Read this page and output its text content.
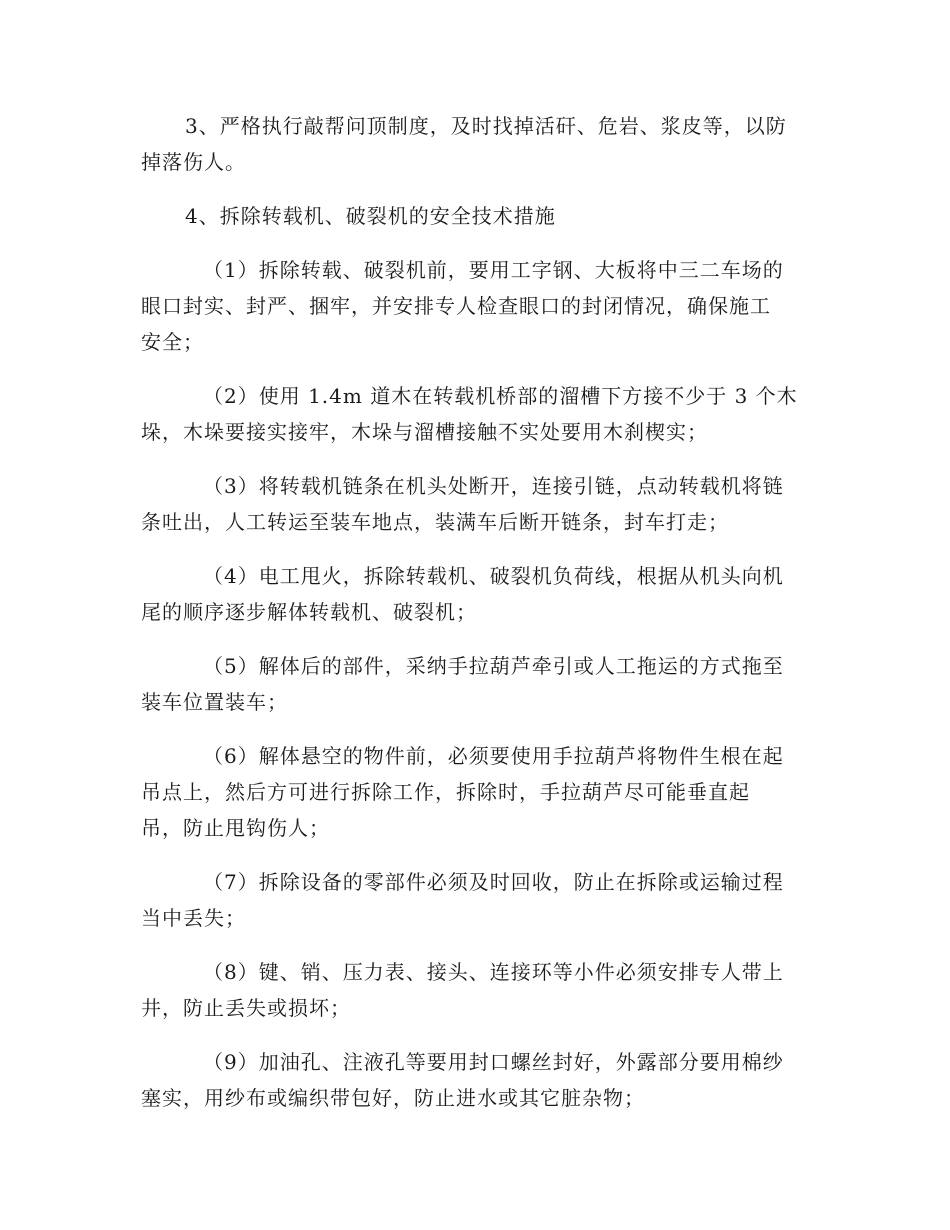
3、严格执行敲帮问顶制度，及时找掉活矸、危岩、浆皮等，以防
掉落伤人。
4、拆除转载机、破裂机的安全技术措施
（1）拆除转载、破裂机前，要用工字钢、大板将中三二车场的
眼口封实、封严、捆牢，并安排专人检查眼口的封闭情况，确保施工
安全；
（2）使用 1.4m 道木在转载机桥部的溜槽下方接不少于 3 个木
垛，木垛要接实接牢，木垛与溜槽接触不实处要用木刹楔实；
（3）将转载机链条在机头处断开，连接引链，点动转载机将链
条吐出，人工转运至装车地点，装满车后断开链条，封车打走；
（4）电工甩火，拆除转载机、破裂机负荷线，根据从机头向机
尾的顺序逐步解体转载机、破裂机；
（5）解体后的部件，采纳手拉葫芦牵引或人工拖运的方式拖至
装车位置装车；
（6）解体悬空的物件前，必须要使用手拉葫芦将物件生根在起
吊点上，然后方可进行拆除工作，拆除时，手拉葫芦尽可能垂直起
吊，防止甩钩伤人；
（7）拆除设备的零部件必须及时回收，防止在拆除或运输过程
当中丢失；
（8）键、销、压力表、接头、连接环等小件必须安排专人带上
井，防止丢失或损坏；
（9）加油孔、注液孔等要用封口螺丝封好，外露部分要用棉纱
塞实，用纱布或编织带包好，防止进水或其它脏杂物；
